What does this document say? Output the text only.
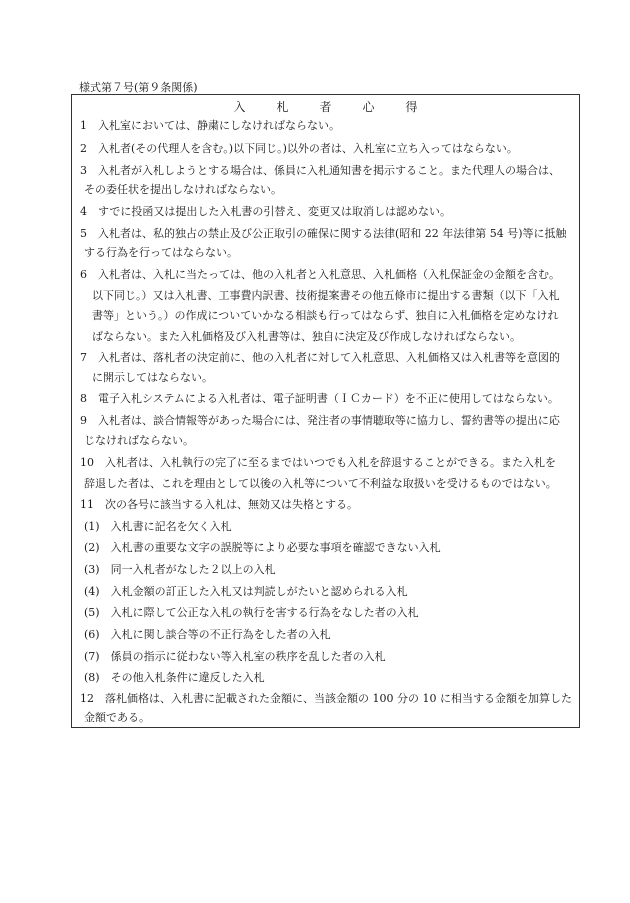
様式第７号(第９条関係)
入	札	者	心	得
1　入札室においては、静粛にしなければならない。
2　入札者(その代理人を含む。)以下同じ。)以外の者は、入札室に立ち入ってはならない。
3　入札者が入札しようとする場合は、係員に入札通知書を掲示すること。また代理人の場合は、
その委任状を提出しなければならない。
4　すでに投函又は提出した入札書の引替え、変更又は取消しは認めない。
5　入札者は、私的独占の禁止及び公正取引の確保に関する法律(昭和 22 年法律第 54 号)等に抵触
する行為を行ってはならない。
6　入札者は、入札に当たっては、他の入札者と入札意思、入札価格（入札保証金の金額を含む。
以下同じ。）又は入札書、工事費内訳書、技術提案書その他五條市に提出する書類（以下「入札
書等」という。）の作成についていかなる相談も行ってはならず、独自に入札価格を定めなけれ
ばならない。また入札価格及び入札書等は、独自に決定及び作成しなければならない。
7　入札者は、落札者の決定前に、他の入札者に対して入札意思、入札価格又は入札書等を意図的
に開示してはならない。
8　電子入札システムによる入札者は、電子証明書（ＩＣカード）を不正に使用してはならない。
9　入札者は、談合情報等があった場合には、発注者の事情聴取等に協力し、誓約書等の提出に応
じなければならない。
10　入札者は、入札執行の完了に至るまではいつでも入札を辞退することができる。また入札を
辞退した者は、これを理由として以後の入札等について不利益な取扱いを受けるものではない。
11　次の各号に該当する入札は、無効又は失格とする。
(1)　入札書に記名を欠く入札
(2)　入札書の重要な文字の誤脱等により必要な事項を確認できない入札
(3)　同一入札者がなした２以上の入札
(4)　入札金額の訂正した入札又は判読しがたいと認められる入札
(5)　入札に際して公正な入札の執行を害する行為をなした者の入札
(6)　入札に関し談合等の不正行為をした者の入札
(7)　係員の指示に従わない等入札室の秩序を乱した者の入札
(8)　その他入札条件に違反した入札
12　落札価格は、入札書に記載された金額に、当該金額の 100 分の 10 に相当する金額を加算した
金額である。
